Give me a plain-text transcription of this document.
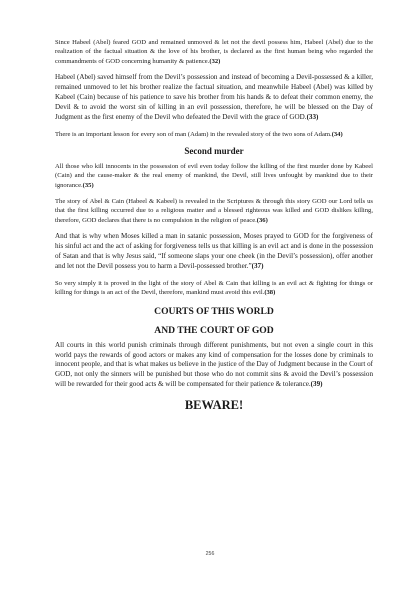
Since Habeel (Abel) feared GOD and remained unmoved & let not the devil possess him, Habeel (Abel) due to the realization of the factual situation & the love of his brother, is declared as the first human being who regarded the commandments of GOD concerning humanity & patience.(32)

Habeel (Abel) saved himself from the Devil’s possession and instead of becoming a Devil-possessed & a killer, remained unmoved to let his brother realize the factual situation, and meanwhile Habeel (Abel) was killed by Kabeel (Cain) because of his patience to save his brother from his hands & to defeat their common enemy, the Devil & to avoid the worst sin of killing in an evil possession, therefore, he will be blessed on the Day of Judgment as the first enemy of the Devil who defeated the Devil with the grace of GOD.(33)

There is an important lesson for every son of man (Adam) in the revealed story of the two sons of Adam.(34)

Second murder

All those who kill innocents in the possession of evil even today follow the killing of the first murder done by Kabeel (Cain) and the cause-maker & the real enemy of mankind, the Devil, still lives unfought by mankind due to their ignorance.(35)

The story of Abel & Cain (Habeel & Kabeel) is revealed in the Scriptures & through this story GOD our Lord tells us that the first killing occurred due to a religious matter and a blessed righteous was killed and GOD dislikes killing, therefore, GOD declares that there is no compulsion in the religion of peace.(36)

And that is why when Moses killed a man in satanic possession, Moses prayed to GOD for the forgiveness of his sinful act and the act of asking for forgiveness tells us that killing is an evil act and is done in the possession of Satan and that is why Jesus said, “If someone slaps your one cheek (in the Devil’s possession), offer another and let not the Devil possess you to harm a Devil-possessed brother.”(37)

So very simply it is proved in the light of the story of Abel & Cain that killing is an evil act & fighting for things or killing for things is an act of the Devil, therefore, mankind must avoid this evil.(38)

COURTS OF THIS WORLD
AND THE COURT OF GOD

All courts in this world punish criminals through different punishments, but not even a single court in this world pays the rewards of good actors or makes any kind of compensation for the losses done by criminals to innocent people, and that is what makes us believe in the justice of the Day of Judgment because in the Court of GOD, not only the sinners will be punished but those who do not commit sins & avoid the Devil’s possession will be rewarded for their good acts & will be compensated for their patience & tolerance.(39)

BEWARE!
256
